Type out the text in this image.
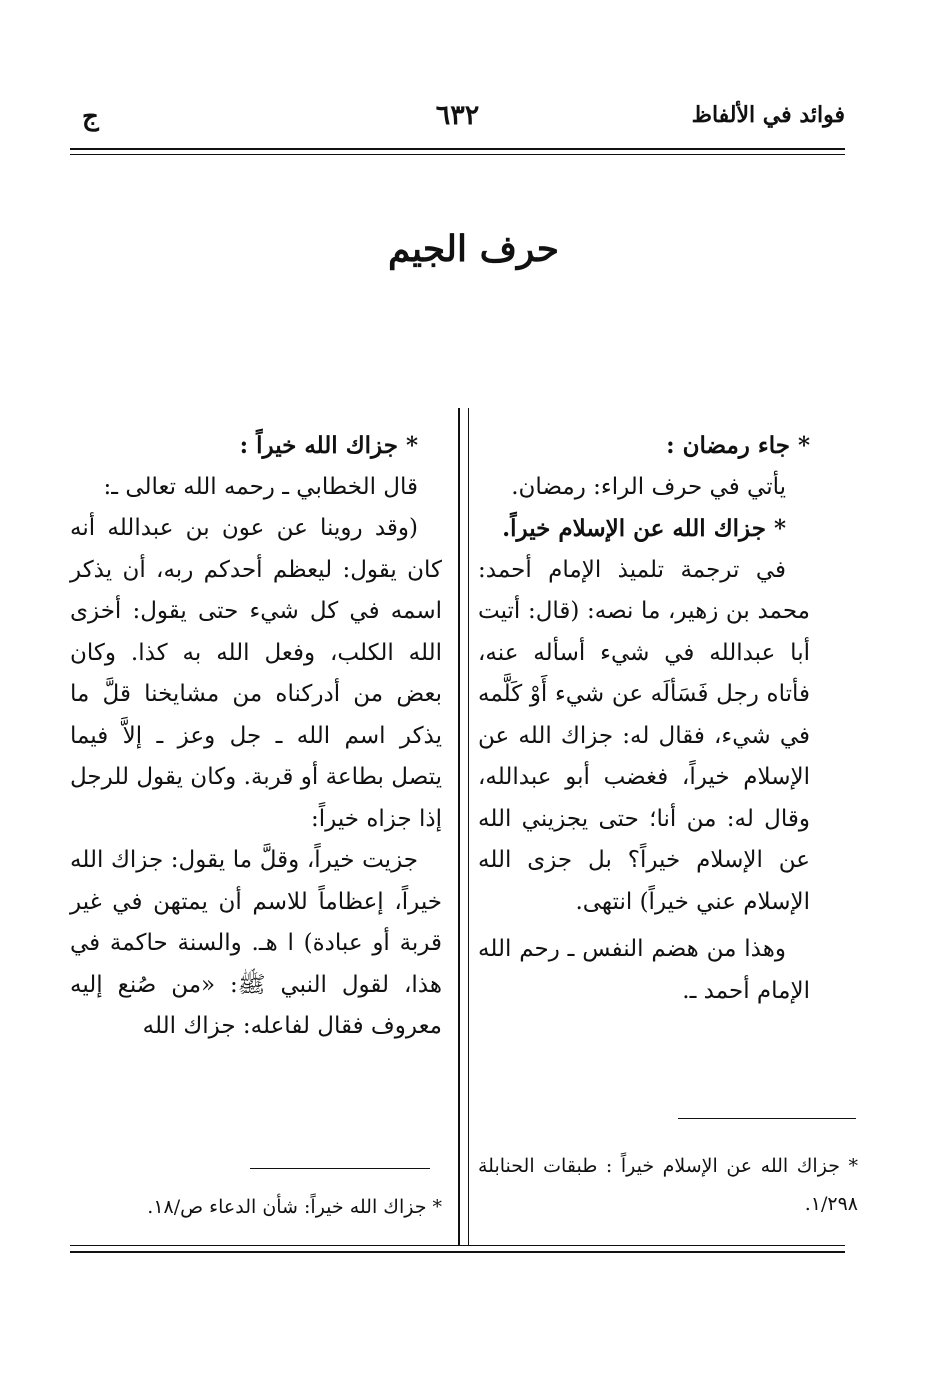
فوائد في الألفاظ
٦٣٢
ج
حرف الجيم

* جاء رمضان :

يأتي في حرف الراء: رمضان.

* جزاك الله عن الإسلام خيراً.

في ترجمة تلميذ الإمام أحمد: محمد بن زهير، ما نصه: (قال: أتيت أبا عبدالله في شيء أسأله عنه، فأتاه رجل فَسَألَه عن شيء أَوْ كَلَّمه في شيء، فقال له: جزاك الله عن الإسلام خيراً، فغضب أبو عبدالله، وقال له: من أنا؛ حتى يجزيني الله عن الإسلام خيراً؟ بل جزى الله الإسلام عني خيراً) انتهى.

وهذا من هضم النفس ـ رحم الله الإمام أحمد ـ.

* جزاك الله خيراً :

قال الخطابي ـ رحمه الله تعالى ـ:

(وقد روينا عن عون بن عبدالله أنه كان يقول: ليعظم أحدكم ربه، أن يذكر اسمه في كل شيء حتى يقول: أخزى الله الكلب، وفعل الله به كذا. وكان بعض من أدركناه من مشايخنا قلَّ ما يذكر اسم الله ـ جل وعز ـ إلاَّ فيما يتصل بطاعة أو قربة. وكان يقول للرجل إذا جزاه خيراً:

جزيت خيراً، وقلَّ ما يقول: جزاك الله خيراً، إعظاماً للاسم أن يمتهن في غير قربة أو عبادة) ا هـ. والسنة حاكمة في هذا، لقول النبي ﷺ: «من صُنع إليه معروف فقال لفاعله: جزاك الله

* جزاك الله عن الإسلام خيراً : طبقات الحنابلة ١/٢٩٨.
* جزاك الله خيراً: شأن الدعاء ص/١٨.
